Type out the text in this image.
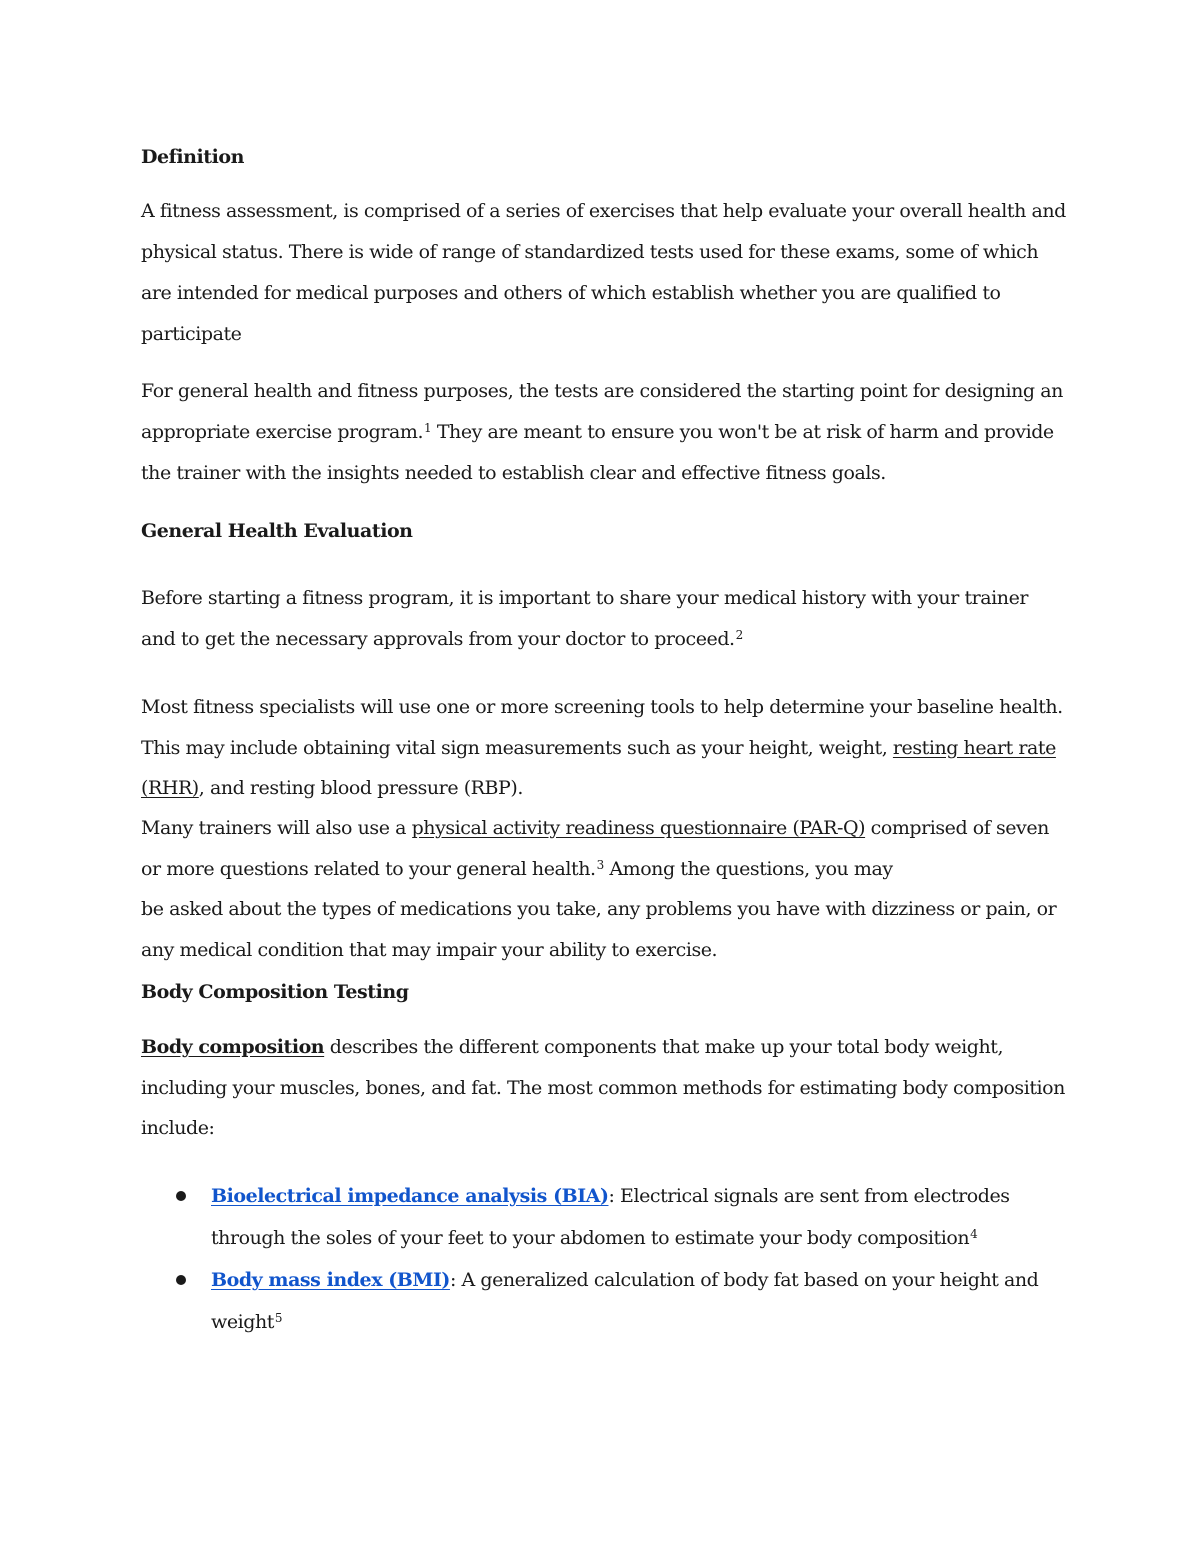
Definition

A fitness assessment, is comprised of a series of exercises that help evaluate your overall health and physical status. There is wide of range of standardized tests used for these exams, some of which are intended for medical purposes and others of which establish whether you are qualified to participate

For general health and fitness purposes, the tests are considered the starting point for designing an appropriate exercise program.$^1$ They are meant to ensure you won't be at risk of harm and provide the trainer with the insights needed to establish clear and effective fitness goals.

General Health Evaluation

Before starting a fitness program, it is important to share your medical history with your trainer and to get the necessary approvals from your doctor to proceed.$^2$

Most fitness specialists will use one or more screening tools to help determine your baseline health. This may include obtaining vital sign measurements such as your height, weight, resting heart rate (RHR), and resting blood pressure (RBP).

Many trainers will also use a physical activity readiness questionnaire (PAR-Q) comprised of seven or more questions related to your general health.$^3$ Among the questions, you may

be asked about the types of medications you take, any problems you have with dizziness or pain, or any medical condition that may impair your ability to exercise.

Body Composition Testing

Body composition describes the different components that make up your total body weight, including your muscles, bones, and fat. The most common methods for estimating body composition include:

Bioelectrical impedance analysis (BIA): Electrical signals are sent from electrodes through the soles of your feet to your abdomen to estimate your body composition$^4$
Body mass index (BMI): A generalized calculation of body fat based on your height and weight$^5$
